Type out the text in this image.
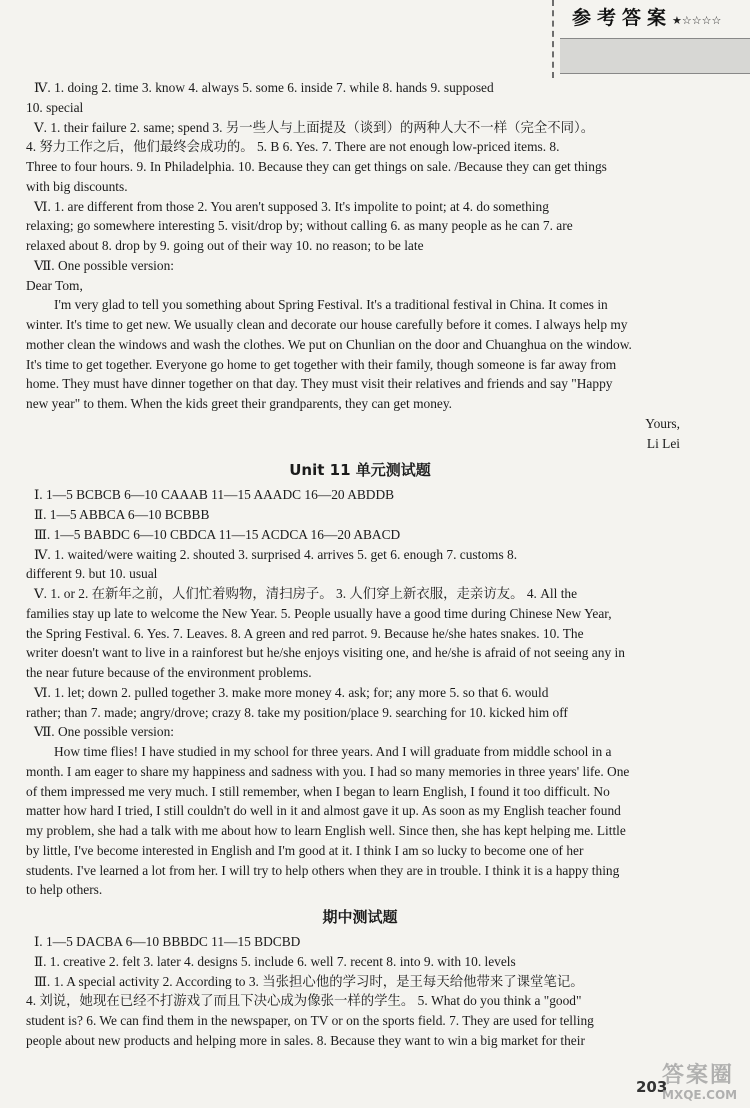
参考答案★☆☆☆☆

Ⅳ. 1. doing 2. time 3. know 4. always 5. some 6. inside 7. while 8. hands 9. supposed

10. special

Ⅴ. 1. their failure 2. same; spend 3. 另一些人与上面提及（谈到）的两种人大不一样（完全不同）。

4. 努力工作之后，他们最终会成功的。 5. B 6. Yes. 7. There are not enough low-priced items. 8.

Three to four hours. 9. In Philadelphia. 10. Because they can get things on sale. /Because they can get things

with big discounts.

Ⅵ. 1. are different from those 2. You aren't supposed 3. It's impolite to point; at 4. do something

relaxing; go somewhere interesting 5. visit/drop by; without calling 6. as many people as he can 7. are

relaxed about 8. drop by 9. going out of their way 10. no reason; to be late

Ⅶ. One possible version:

Dear Tom,

I'm very glad to tell you something about Spring Festival. It's a traditional festival in China. It comes in

winter. It's time to get new. We usually clean and decorate our house carefully before it comes. I always help my

mother clean the windows and wash the clothes. We put on Chunlian on the door and Chuanghua on the window.

It's time to get together. Everyone go home to get together with their family, though someone is far away from

home. They must have dinner together on that day. They must visit their relatives and friends and say "Happy

new year" to them. When the kids greet their grandparents, they can get money.

Yours,

Li Lei

Unit 11 单元测试题

Ⅰ. 1—5 BCBCB 6—10 CAAAB 11—15 AAADC 16—20 ABDDB

Ⅱ. 1—5 ABBCA 6—10 BCBBB

Ⅲ. 1—5 BABDC 6—10 CBDCA 11—15 ACDCA 16—20 ABACD

Ⅳ. 1. waited/were waiting 2. shouted 3. surprised 4. arrives 5. get 6. enough 7. customs 8.

different 9. but 10. usual

Ⅴ. 1. or 2. 在新年之前，人们忙着购物，清扫房子。 3. 人们穿上新衣服，走亲访友。 4. All the

families stay up late to welcome the New Year. 5. People usually have a good time during Chinese New Year,

the Spring Festival. 6. Yes. 7. Leaves. 8. A green and red parrot. 9. Because he/she hates snakes. 10. The

writer doesn't want to live in a rainforest but he/she enjoys visiting one, and he/she is afraid of not seeing any in

the near future because of the environment problems.

Ⅵ. 1. let; down 2. pulled together 3. make more money 4. ask; for; any more 5. so that 6. would

rather; than 7. made; angry/drove; crazy 8. take my position/place 9. searching for 10. kicked him off

Ⅶ. One possible version:

How time flies! I have studied in my school for three years. And I will graduate from middle school in a

month. I am eager to share my happiness and sadness with you. I had so many memories in three years' life. One

of them impressed me very much. I still remember, when I began to learn English, I found it too difficult. No

matter how hard I tried, I still couldn't do well in it and almost gave it up. As soon as my English teacher found

my problem, she had a talk with me about how to learn English well. Since then, she has kept helping me. Little

by little, I've become interested in English and I'm good at it. I think I am so lucky to become one of her

students. I've learned a lot from her. I will try to help others when they are in trouble. I think it is a happy thing

to help others.

期中测试题

Ⅰ. 1—5 DACBA 6—10 BBBDC 11—15 BDCBD

Ⅱ. 1. creative 2. felt 3. later 4. designs 5. include 6. well 7. recent 8. into 9. with 10. levels

Ⅲ. 1. A special activity 2. According to 3. 当张担心他的学习时，是王每天给他带来了课堂笔记。

4. 刘说，她现在已经不打游戏了而且下决心成为像张一样的学生。 5. What do you think a "good"

student is? 6. We can find them in the newspaper, on TV or on the sports field. 7. They are used for telling

people about new products and helping more in sales. 8. Because they want to win a big market for their

203
答案圈
MXQE.COM
